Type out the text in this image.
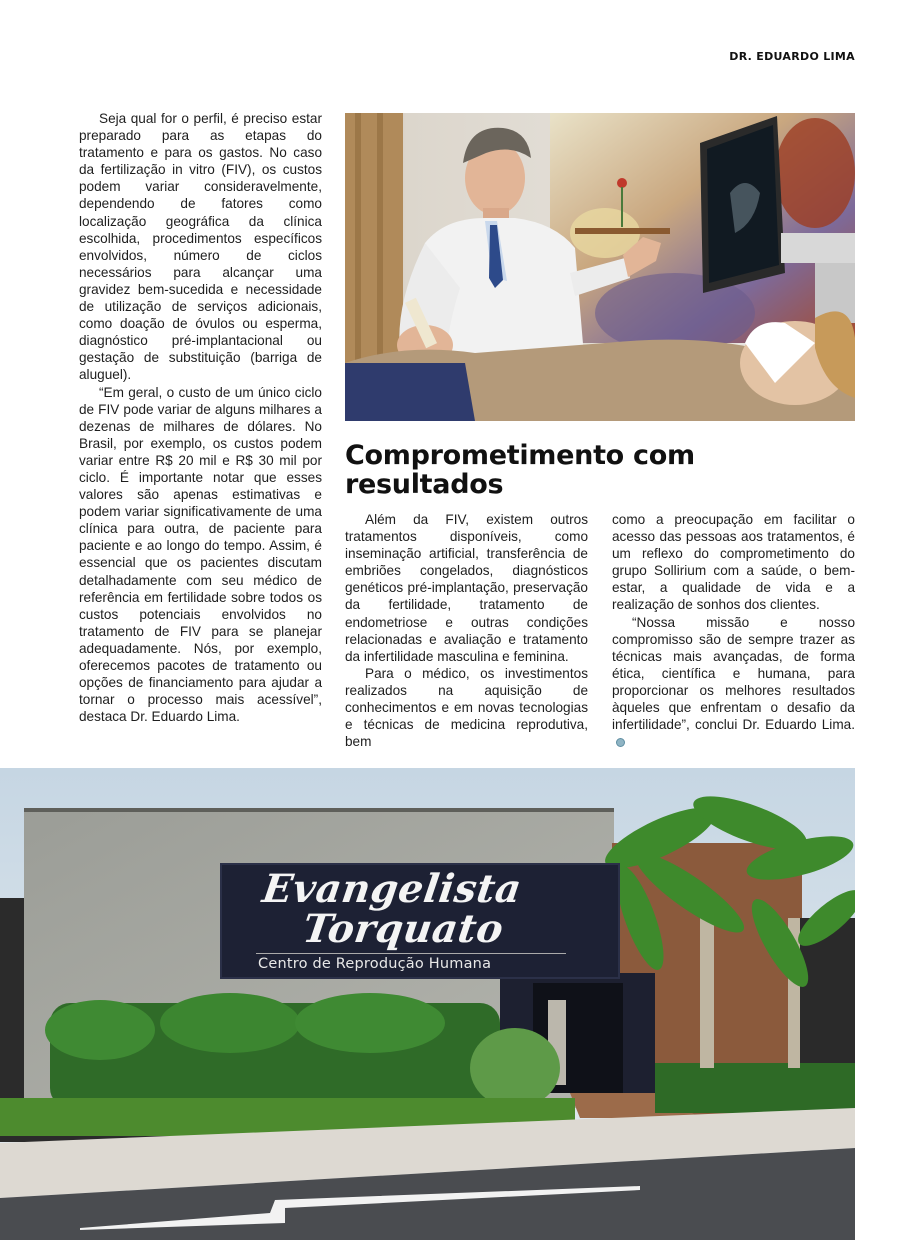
DR. EDUARDO LIMA

Seja qual for o perfil, é preciso estar preparado para as etapas do tratamento e para os gastos. No caso da fertilização in vitro (FIV), os custos podem variar consideravelmente, dependendo de fatores como localização geográfica da clínica escolhida, procedimentos específicos envolvidos, número de ciclos necessários para alcançar uma gravidez bem-sucedida e necessidade de utilização de serviços adicionais, como doação de óvulos ou esperma, diagnóstico pré-implantacional ou gestação de substituição (barriga de aluguel).

“Em geral, o custo de um único ciclo de FIV pode variar de alguns milhares a dezenas de milhares de dólares. No Brasil, por exemplo, os custos podem variar entre R$ 20 mil e R$ 30 mil por ciclo. É importante notar que esses valores são apenas estimativas e podem variar significativamente de uma clínica para outra, de paciente para paciente e ao longo do tempo. Assim, é essencial que os pacientes discutam detalhadamente com seu médico de referência em fertilidade sobre todos os custos potenciais envolvidos no tratamento de FIV para se planejar adequadamente. Nós, por exemplo, oferecemos pacotes de tratamento ou opções de financiamento para ajudar a tornar o processo mais acessível”, destaca Dr. Eduardo Lima.

Comprometimento com resultados

Além da FIV, existem outros tratamentos disponíveis, como inseminação artificial, transferência de embriões congelados, diagnósticos genéticos pré-implantação, preservação da fertilidade, tratamento de endometriose e outras condições relacionadas e avaliação e tratamento da infertilidade masculina e feminina.

Para o médico, os investimentos realizados na aquisição de conhecimentos e em novas tecnologias e técnicas de medicina reprodutiva, bem

como a preocupação em facilitar o acesso das pessoas aos tratamentos, é um reflexo do comprometimento do grupo Sollirium com a saúde, o bem-estar, a qualidade de vida e a realização de sonhos dos clientes.

“Nossa missão e nosso compromisso são de sempre trazer as técnicas mais avançadas, de forma ética, científica e humana, para proporcionar os melhores resultados àqueles que enfrentam o desafio da infertilidade”, conclui Dr. Eduardo Lima.

Evangelista
Torquato
Centro de Reprodução Humana
